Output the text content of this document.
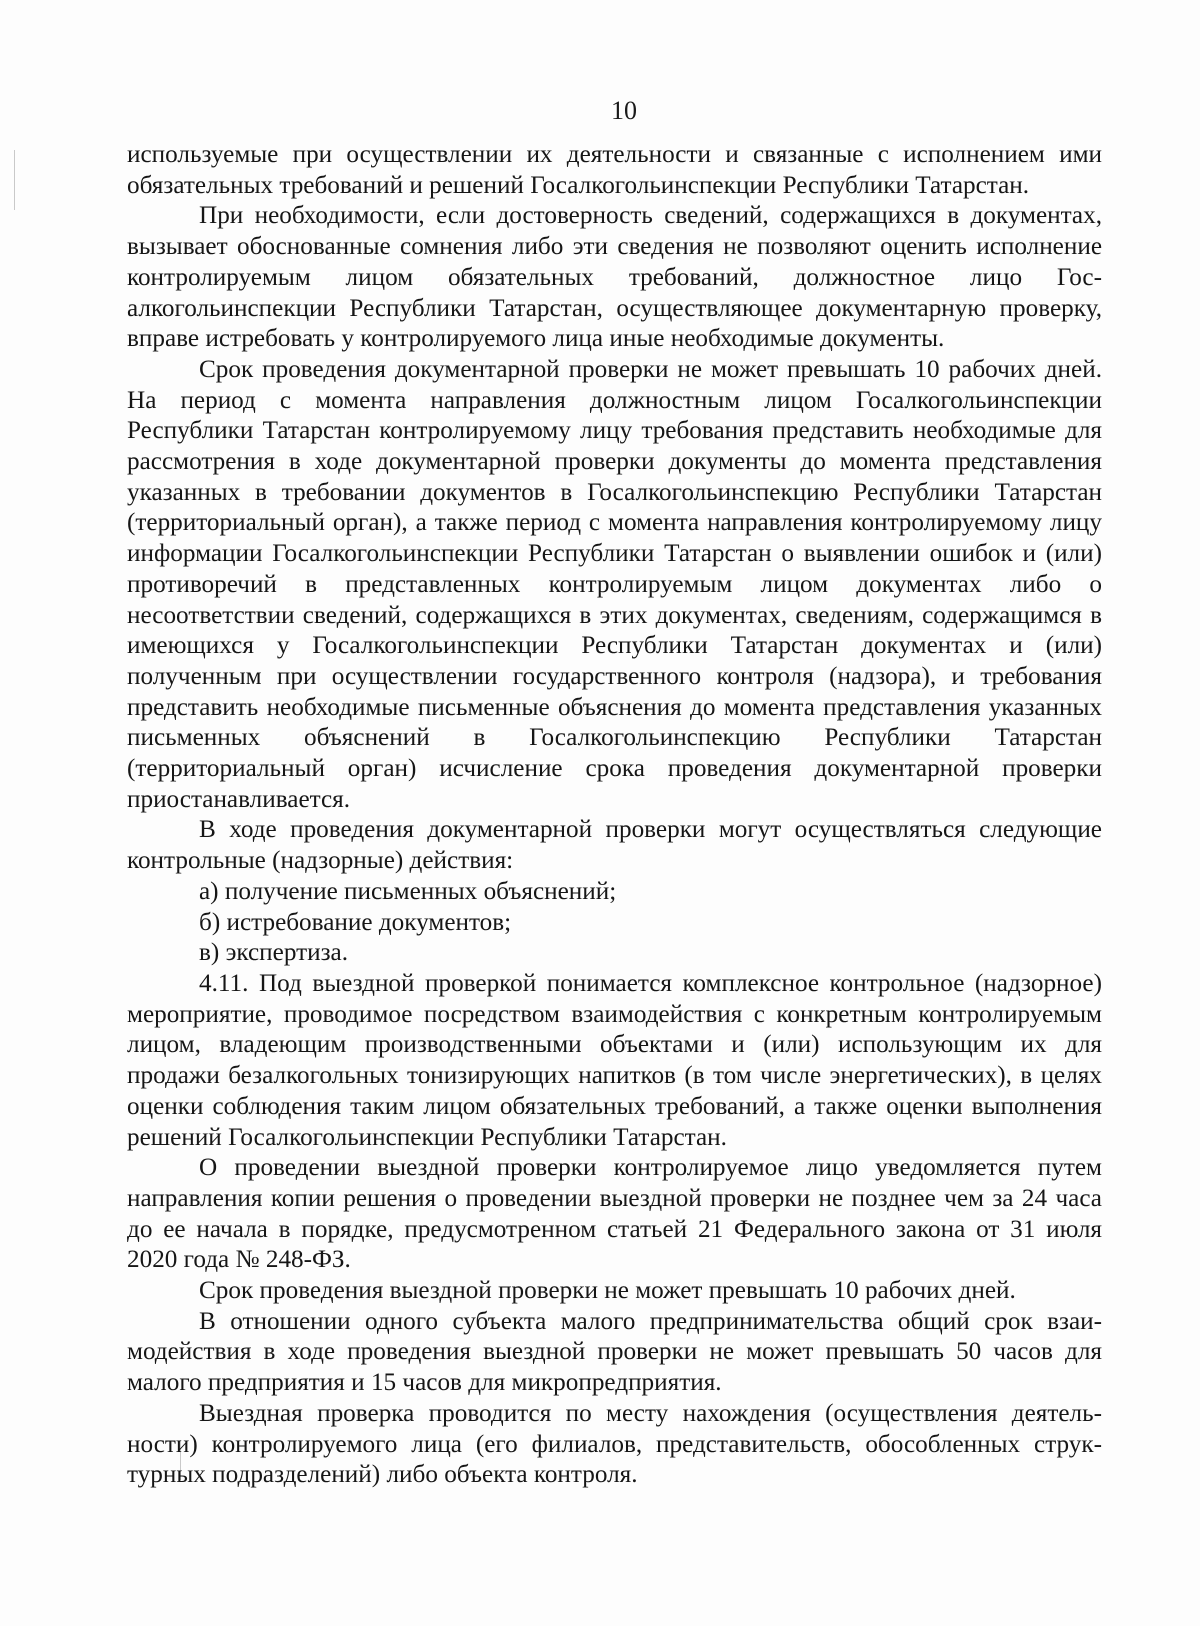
10

используемые при осуществлении их деятельности и связанные с исполнением ими обязательных требований и решений Госалкогольинспекции Республики Татарстан.

При необходимости, если достоверность сведений, содержащихся в документах, вызывает обоснованные сомнения либо эти сведения не позволяют оценить исполнение контролируемым лицом обязательных требований, должностное лицо Госалкогольинспекции Республики Татарстан, осуществляющее документарную проверку, вправе истребовать у контролируемого лица иные необходимые документы.

Срок проведения документарной проверки не может превышать 10 рабочих дней. На период с момента направления должностным лицом Госалкогольинспекции Республики Татарстан контролируемому лицу требования представить необходимые для рассмотрения в ходе документарной проверки документы до момента представления указанных в требовании документов в Госалкогольинспекцию Республики Татарстан (территориальный орган), а также период с момента направления контролируемому лицу информации Госалкогольинспекции Республики Татарстан о выявлении ошибок и (или) противоречий в представленных контролируемым лицом документах либо о несоответствии сведений, содержащихся в этих документах, сведениям, содержащимся в имеющихся у Госалкогольинспекции Республики Татарстан документах и (или) полученным при осуществлении государственного контроля (надзора), и требования представить необходимые письменные объяснения до момента представления указанных письменных объяснений в Госалкогольинспекцию Республики Татарстан (территориальный орган) исчисление срока проведения документарной проверки приостанавливается.

В ходе проведения документарной проверки могут осуществляться следующие контрольные (надзорные) действия:

а) получение письменных объяснений;

б) истребование документов;

в) экспертиза.

4.11. Под выездной проверкой понимается комплексное контрольное (надзорное) мероприятие, проводимое посредством взаимодействия с конкретным контролируемым лицом, владеющим производственными объектами и (или) использующим их для продажи безалкогольных тонизирующих напитков (в том числе энергетических), в целях оценки соблюдения таким лицом обязательных требований, а также оценки выполнения решений Госалкогольинспекции Республики Татарстан.

О проведении выездной проверки контролируемое лицо уведомляется путем направления копии решения о проведении выездной проверки не позднее чем за 24 часа до ее начала в порядке, предусмотренном статьей 21 Федерального закона от 31 июля 2020 года № 248-ФЗ.

Срок проведения выездной проверки не может превышать 10 рабочих дней.

В отношении одного субъекта малого предпринимательства общий срок взаимодействия в ходе проведения выездной проверки не может превышать 50 часов для малого предприятия и 15 часов для микропредприятия.

Выездная проверка проводится по месту нахождения (осуществления деятельности) контролируемого лица (его филиалов, представительств, обособленных структурных подразделений) либо объекта контроля.
